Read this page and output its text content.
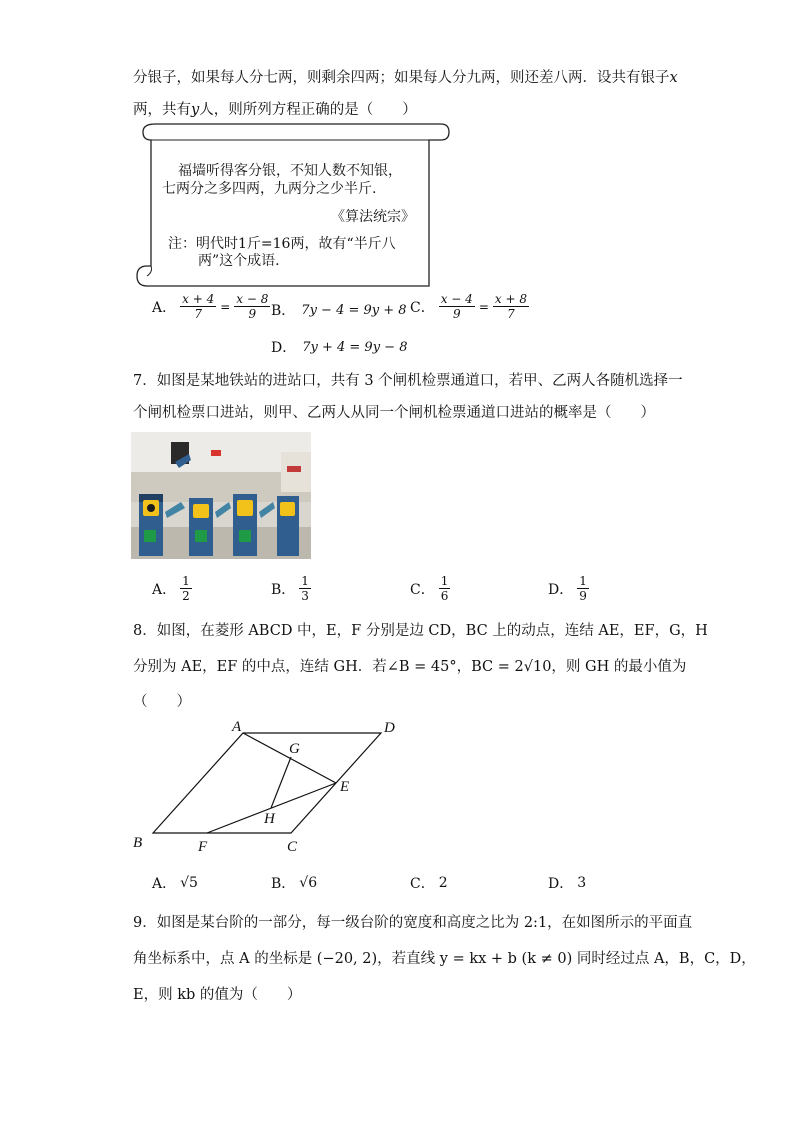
分银子，如果每人分七两，则剩余四两；如果每人分九两，则还差八两．设共有银子x
两，共有y人，则所列方程正确的是（　　）
福墙听得客分银，不知人数不知银，
七两分之多四两，九两分之少半斤.
《算法统宗》
注：明代时1斤=16两，故有“半斤八
两”这个成语.
A． $\frac{x + 4}{7} = \frac{x - 8}{9}$ B． 7y − 4 = 9y + 8 C． $\frac{x - 4}{9} = \frac{x + 8}{7}$
D． 7y + 4 = 9y − 8
7．如图是某地铁站的进站口，共有 3 个闸机检票通道口，若甲、乙两人各随机选择一
个闸机检票口进站，则甲、乙两人从同一个闸机检票通道口进站的概率是（　　）
A． $\frac{1}{2}$	B． $\frac{1}{3}$	C． $\frac{1}{6}$	D． $\frac{1}{9}$
8．如图，在菱形 ABCD 中，E，F 分别是边 CD，BC 上的动点，连结 AE，EF，G，H
分别为 AE，EF 的中点，连结 GH．若∠B = 45°，BC = 2√10，则 GH 的最小值为
（　　）
A	D
G
E
H
B	F	C
A． √5	B． √6	C． 2	D． 3
9．如图是某台阶的一部分，每一级台阶的宽度和高度之比为 2:1，在如图所示的平面直
角坐标系中，点 A 的坐标是 (−20, 2)，若直线 y = kx + b (k ≠ 0) 同时经过点 A，B，C，D，
E，则 kb 的值为（　　）
